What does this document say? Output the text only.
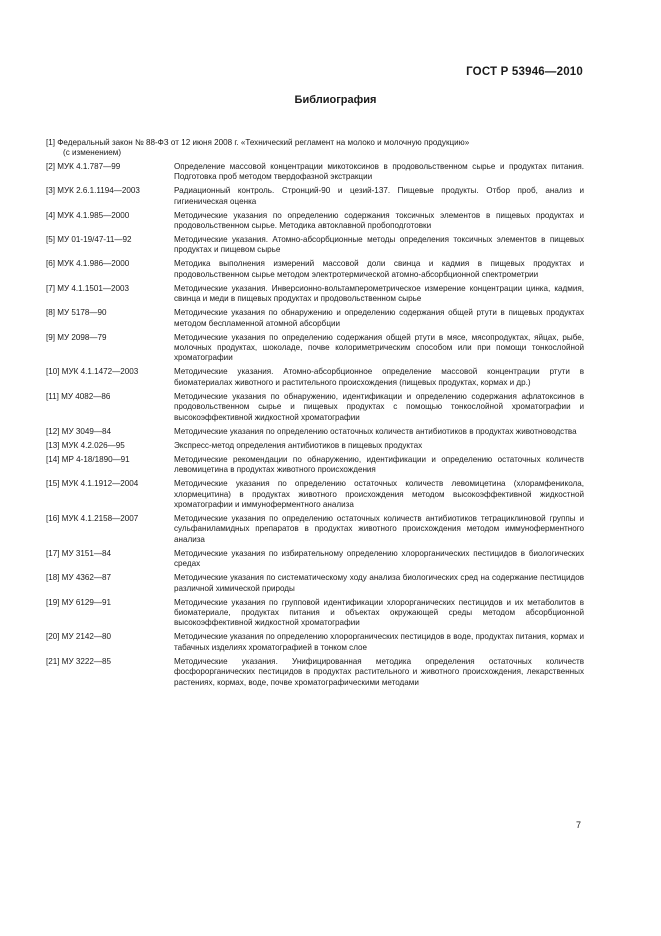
ГОСТ Р 53946—2010
Библиография
[1] Федеральный закон № 88-ФЗ от 12 июня 2008 г. «Технический регламент на молоко и молочную продукцию»
(с изменением)
[2] МУК 4.1.787—99	Определение массовой концентрации микотоксинов в продовольственном сырье и продуктах питания. Подготовка проб методом твердофазной экстракции
[3] МУК 2.6.1.1194—2003	Радиационный контроль. Стронций-90 и цезий-137. Пищевые продукты. Отбор проб, анализ и гигиеническая оценка
[4] МУК 4.1.985—2000	Методические указания по определению содержания токсичных элементов в пищевых продуктах и продовольственном сырье. Методика автоклавной пробоподготовки
[5] МУ 01-19/47-11—92	Методические указания. Атомно-абсорбционные методы определения токсичных элементов в пищевых продуктах и пищевом сырье
[6] МУК 4.1.986—2000	Методика выполнения измерений массовой доли свинца и кадмия в пищевых продуктах и продовольственном сырье методом электротермической атомно-абсорбционной спектрометрии
[7] МУ 4.1.1501—2003	Методические указания. Инверсионно-вольтамперометрическое измерение концентрации цинка, кадмия, свинца и меди в пищевых продуктах и продовольственном сырье
[8] МУ 5178—90	Методические указания по обнаружению и определению содержания общей ртути в пищевых продуктах методом беспламенной атомной абсорбции
[9] МУ 2098—79	Методические указания по определению содержания общей ртути в мясе, мясопродуктах, яйцах, рыбе, молочных продуктах, шоколаде, почве колориметрическим способом или при помощи тонкослойной хроматографии
[10] МУК 4.1.1472—2003	Методические указания. Атомно-абсорбционное определение массовой концентрации ртути в биоматериалах животного и растительного происхождения (пищевых продуктах, кормах и др.)
[11] МУ 4082—86	Методические указания по обнаружению, идентификации и определению содержания афлатоксинов в продовольственном сырье и пищевых продуктах с помощью тонкослойной хроматографии и высокоэффективной жидкостной хроматографии
[12] МУ 3049—84	Методические указания по определению остаточных количеств антибиотиков в продуктах животноводства
[13] МУК 4.2.026—95	Экспресс-метод определения антибиотиков в пищевых продуктах
[14] МР 4-18/1890—91	Методические рекомендации по обнаружению, идентификации и определению остаточных количеств левомицетина в продуктах животного происхождения
[15] МУК 4.1.1912—2004	Методические указания по определению остаточных количеств левомицетина (хлорамфеникола, хлормецитина) в продуктах животного происхождения методом высокоэффективной жидкостной хроматографии и иммуноферментного анализа
[16] МУК 4.1.2158—2007	Методические указания по определению остаточных количеств антибиотиков тетрациклиновой группы и сульфаниламидных препаратов в продуктах животного происхождения методом иммуноферментного анализа
[17] МУ 3151—84	Методические указания по избирательному определению хлорорганических пестицидов в биологических средах
[18] МУ 4362—87	Методические указания по систематическому ходу анализа биологических сред на содержание пестицидов различной химической природы
[19] МУ 6129—91	Методические указания по групповой идентификации хлорорганических пестицидов и их метаболитов в биоматериале, продуктах питания и объектах окружающей среды методом абсорбционной высокоэффективной жидкостной хроматографии
[20] МУ 2142—80	Методические указания по определению хлорорганических пестицидов в воде, продуктах питания, кормах и табачных изделиях хроматографией в тонком слое
[21] МУ 3222—85	Методические указания. Унифицированная методика определения остаточных количеств фосфорорганических пестицидов в продуктах растительного и животного происхождения, лекарственных растениях, кормах, воде, почве хроматографическими методами
7
